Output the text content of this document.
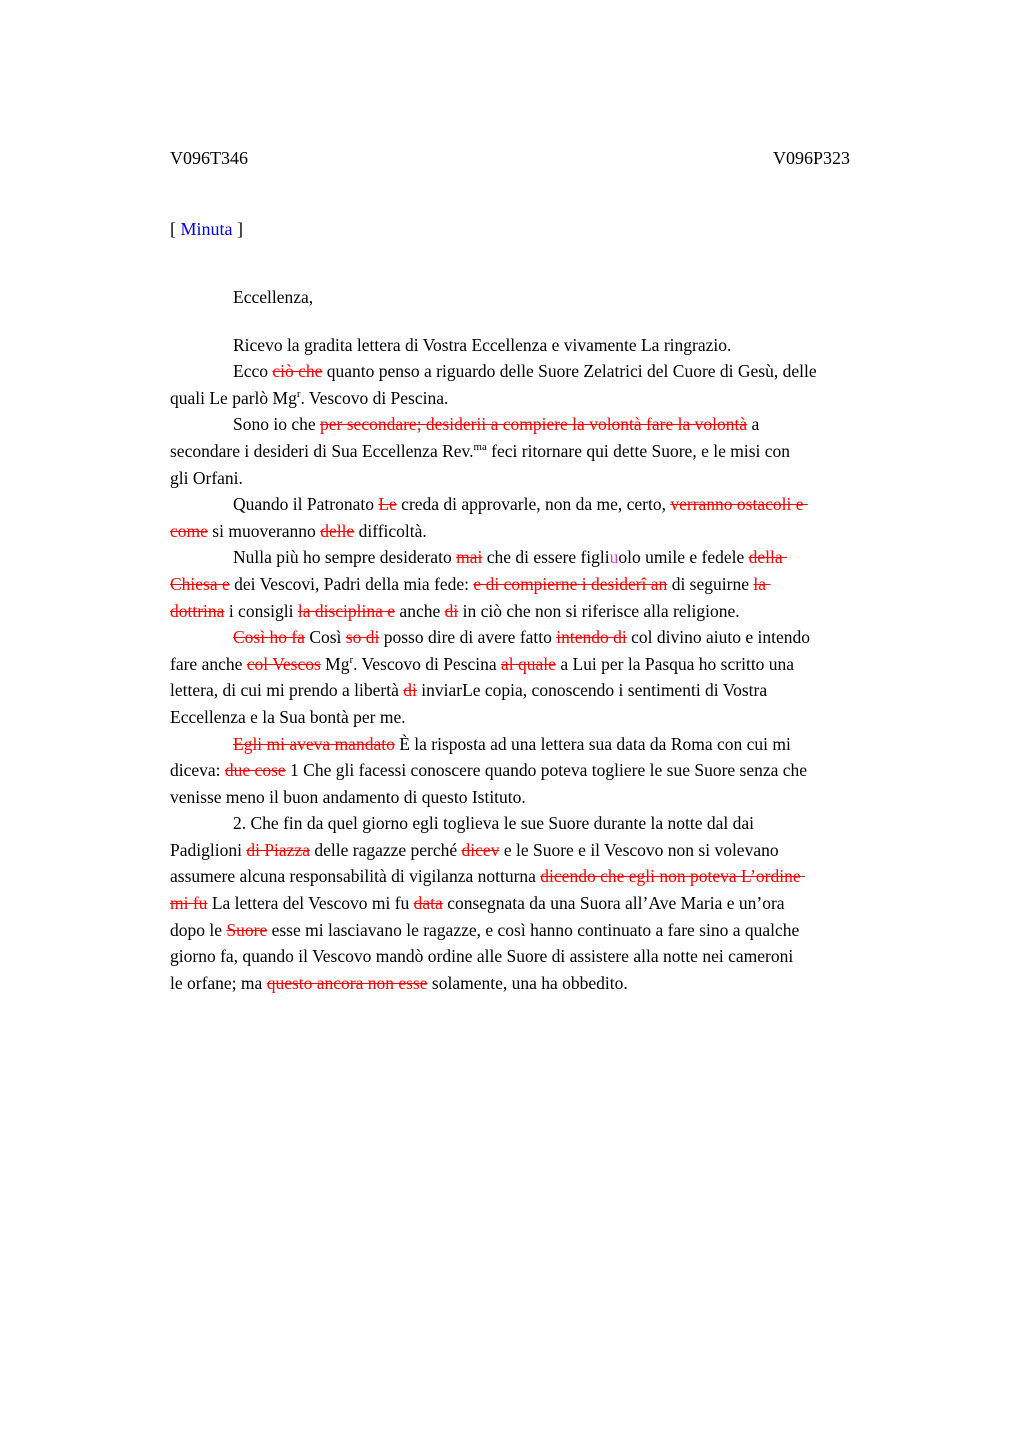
V096T346	V096P323
[ Minuta ]
Eccellenza,
Ricevo la gradita lettera di Vostra Eccellenza e vivamente La ringrazio.
Ecco ciò che quanto penso a riguardo delle Suore Zelatrici del Cuore di Gesù, delle
quali Le parlò Mg$^r$. Vescovo di Pescina.
Sono io che per secondare; desiderii a compiere la volontà fare la volontà a
secondare i desideri di Sua Eccellenza Rev.$^{ma}$ feci ritornare qui dette Suore, e le misi con
gli Orfani.
Quando il Patronato Le creda di approvarle, non da me, certo, verranno ostacoli e
come si muoveranno delle difficoltà.
Nulla più ho sempre desiderato mai che di essere figliuolo umile e fedele della
Chiesa e dei Vescovi, Padri della mia fede: e di compierne i desiderî an di seguirne la
dottrina i consigli la disciplina e anche di in ciò che non si riferisce alla religione.
Così ho fa Così so di posso dire di avere fatto intendo di col divino aiuto e intendo
fare anche col Vescos Mg$^r$. Vescovo di Pescina al quale a Lui per la Pasqua ho scritto una
lettera, di cui mi prendo a libertà di inviarLe copia, conoscendo i sentimenti di Vostra
Eccellenza e la Sua bontà per me.
Egli mi aveva mandato È la risposta ad una lettera sua data da Roma con cui mi
diceva: due cose 1 Che gli facessi conoscere quando poteva togliere le sue Suore senza che
venisse meno il buon andamento di questo Istituto.
2. Che fin da quel giorno egli toglieva le sue Suore durante la notte dal dai
Padiglioni di Piazza delle ragazze perché dicev e le Suore e il Vescovo non si volevano
assumere alcuna responsabilità di vigilanza notturna dicendo che egli non poteva L’ordine
mi fu La lettera del Vescovo mi fu data consegnata da una Suora all’Ave Maria e un’ora
dopo le Suore esse mi lasciavano le ragazze, e così hanno continuato a fare sino a qualche
giorno fa, quando il Vescovo mandò ordine alle Suore di assistere alla notte nei cameroni
le orfane; ma questo ancora non esse solamente, una ha obbedito.
